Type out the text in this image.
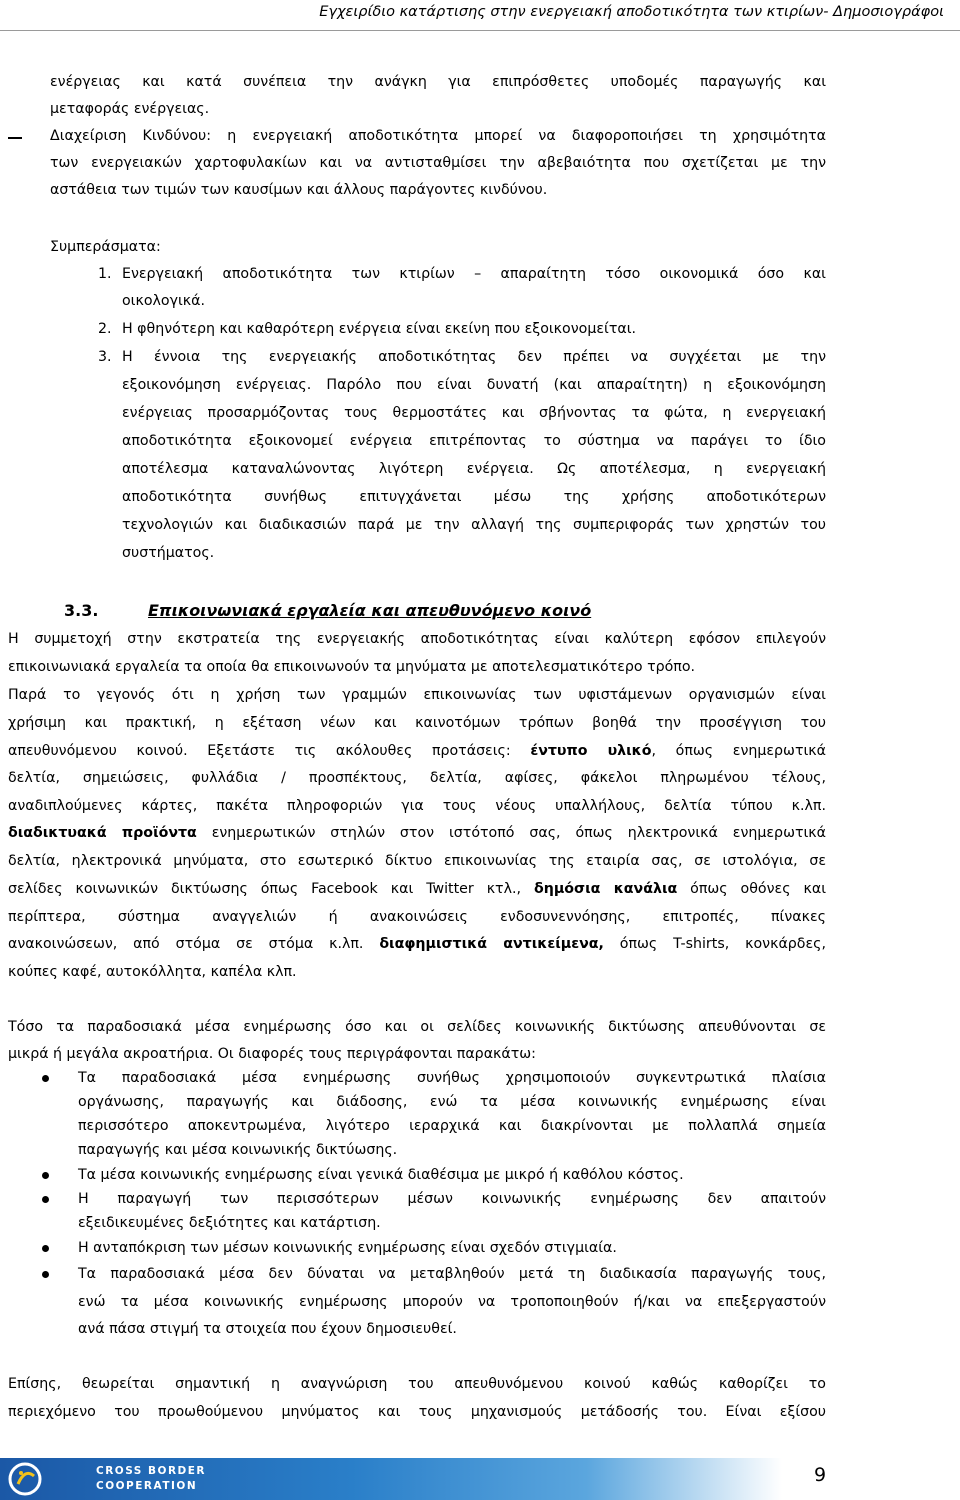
Εγχειρίδιο κατάρτισης στην ενεργειακή αποδοτικότητα των κτιρίων- Δημοσιογράφοι
ενέργειας και κατά συνέπεια την ανάγκη για επιπρόσθετες υποδομές παραγωγής και
μεταφοράς ενέργειας.
Διαχείριση Κινδύνου: η ενεργειακή αποδοτικότητα μπορεί να διαφοροποιήσει τη χρησιμότητα
των ενεργειακών χαρτοφυλακίων και να αντισταθμίσει την αβεβαιότητα που σχετίζεται με την
αστάθεια των τιμών των καυσίμων και άλλους παράγοντες κινδύνου.
Συμπεράσματα:
1. Ενεργειακή αποδοτικότητα των κτιρίων – απαραίτητη τόσο οικονομικά όσο και
οικολογικά.
2. Η φθηνότερη και καθαρότερη ενέργεια είναι εκείνη που εξοικονομείται.
3. Η έννοια της ενεργειακής αποδοτικότητας δεν πρέπει να συγχέεται με την
εξοικονόμηση ενέργειας. Παρόλο που είναι δυνατή (και απαραίτητη) η εξοικονόμηση
ενέργειας προσαρμόζοντας τους θερμοστάτες και σβήνοντας τα φώτα, η ενεργειακή
αποδοτικότητα εξοικονομεί ενέργεια επιτρέποντας το σύστημα να παράγει το ίδιο
αποτέλεσμα καταναλώνοντας λιγότερη ενέργεια. Ως αποτέλεσμα, η ενεργειακή
αποδοτικότητα συνήθως επιτυγχάνεται μέσω της χρήσης αποδοτικότερων
τεχνολογιών και διαδικασιών παρά με την αλλαγή της συμπεριφοράς των χρηστών του
συστήματος.
3.3.	Επικοινωνιακά εργαλεία και απευθυνόμενο κοινό
Η συμμετοχή στην εκστρατεία της ενεργειακής αποδοτικότητας είναι καλύτερη εφόσον επιλεγούν
επικοινωνιακά εργαλεία τα οποία θα επικοινωνούν τα μηνύματα με αποτελεσματικότερο τρόπο.
Παρά το γεγονός ότι η χρήση των γραμμών επικοινωνίας των υφιστάμενων οργανισμών είναι
χρήσιμη και πρακτική, η εξέταση νέων και καινοτόμων τρόπων βοηθά την προσέγγιση του
απευθυνόμενου κοινού. Εξετάστε τις ακόλουθες προτάσεις: έντυπο υλικό, όπως ενημερωτικά
δελτία, σημειώσεις, φυλλάδια / προσπέκτους, δελτία, αφίσες, φάκελοι πληρωμένου τέλους,
αναδιπλούμενες κάρτες, πακέτα πληροφοριών για τους νέους υπαλλήλους, δελτία τύπου κ.λπ.
διαδικτυακά προϊόντα ενημερωτικών στηλών στον ιστότοπό σας, όπως ηλεκτρονικά ενημερωτικά
δελτία, ηλεκτρονικά μηνύματα, στο εσωτερικό δίκτυο επικοινωνίας της εταιρία σας, σε ιστολόγια, σε
σελίδες κοινωνικών δικτύωσης όπως Facebook και Twitter κτλ., δημόσια κανάλια όπως οθόνες και
περίπτερα, σύστημα αναγγελιών ή ανακοινώσεις ενδοσυνεννόησης, επιτροπές, πίνακες
ανακοινώσεων, από στόμα σε στόμα κ.λπ. διαφημιστικά αντικείμενα, όπως T-shirts, κονκάρδες,
κούπες καφέ, αυτοκόλλητα, καπέλα κλπ.
Τόσο τα παραδοσιακά μέσα ενημέρωσης όσο και οι σελίδες κοινωνικής δικτύωσης απευθύνονται σε
μικρά ή μεγάλα ακροατήρια. Οι διαφορές τους περιγράφονται παρακάτω:
Τα παραδοσιακά μέσα ενημέρωσης συνήθως χρησιμοποιούν συγκεντρωτικά πλαίσια
οργάνωσης, παραγωγής και διάδοσης, ενώ τα μέσα κοινωνικής ενημέρωσης είναι
περισσότερο αποκεντρωμένα, λιγότερο ιεραρχικά και διακρίνονται με πολλαπλά σημεία
παραγωγής και μέσα κοινωνικής δικτύωσης.
Τα μέσα κοινωνικής ενημέρωσης είναι γενικά διαθέσιμα με μικρό ή καθόλου κόστος.
Η παραγωγή των περισσότερων μέσων κοινωνικής ενημέρωσης δεν απαιτούν
εξειδικευμένες δεξιότητες και κατάρτιση.
Η ανταπόκριση των μέσων κοινωνικής ενημέρωσης είναι σχεδόν στιγμιαία.
Τα παραδοσιακά μέσα δεν δύναται να μεταβληθούν μετά τη διαδικασία παραγωγής τους,
ενώ τα μέσα κοινωνικής ενημέρωσης μπορούν να τροποποιηθούν ή/και να επεξεργαστούν
ανά πάσα στιγμή τα στοιχεία που έχουν δημοσιευθεί.
Επίσης, θεωρείται σημαντική η αναγνώριση του απευθυνόμενου κοινού καθώς καθορίζει το
περιεχόμενο του προωθούμενου μηνύματος και τους μηχανισμούς μετάδοσής του. Είναι εξίσου
CROSS BORDER
COOPERATION	9
